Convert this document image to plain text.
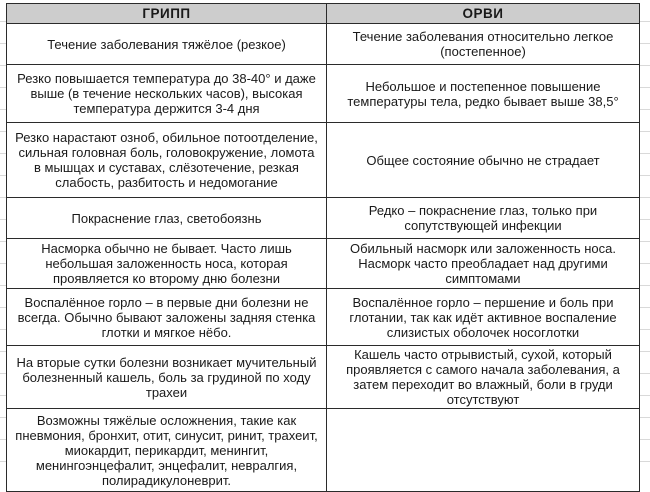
ГРИПП	ОРВИ
Течение заболевания тяжёлое (резкое)	Течение заболевания относительно легкое (постепенное)
Резко повышается температура до 38-40° и даже выше (в течение нескольких часов), высокая температура держится 3-4 дня	Небольшое и постепенное повышение температуры тела, редко бывает выше 38,5°
Резко нарастают озноб, обильное потоотделение, сильная головная боль, головокружение, ломота в мышцах и суставах, слёзотечение, резкая слабость, разбитость и недомогание	Общее состояние обычно не страдает
Покраснение глаз, светобоязнь	Редко – покраснение глаз, только при сопутствующей инфекции
Насморка обычно не бывает. Часто лишь небольшая заложенность носа, которая проявляется ко второму дню болезни	Обильный насморк или заложенность носа. Насморк часто преобладает над другими симптомами
Воспалённое горло – в первые дни болезни не всегда. Обычно бывают заложены задняя стенка глотки и мягкое нёбо.	Воспалённое горло – першение и боль при глотании, так как идёт активное воспаление слизистых оболочек носоглотки
На вторые сутки болезни возникает мучительный болезненный кашель, боль за грудиной по ходу трахеи	Кашель часто отрывистый, сухой, который проявляется с самого начала заболевания, а затем переходит во влажный, боли в груди отсутствуют
Возможны тяжёлые осложнения, такие как пневмония, бронхит, отит, синусит, ринит, трахеит, миокардит, перикардит, менингит, менингоэнцефалит, энцефалит, невралгия, полирадикулоневрит.	
